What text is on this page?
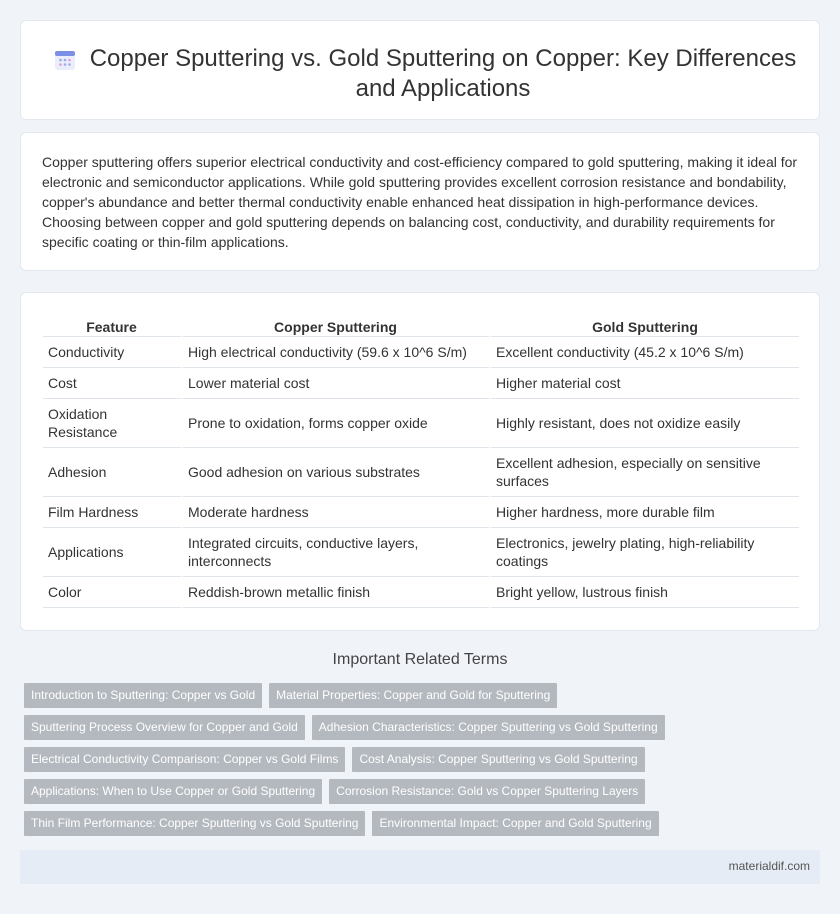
Copper Sputtering vs. Gold Sputtering on Copper: Key Differences and Applications

Copper sputtering offers superior electrical conductivity and cost-efficiency compared to gold sputtering, making it ideal for electronic and semiconductor applications. While gold sputtering provides excellent corrosion resistance and bondability, copper's abundance and better thermal conductivity enable enhanced heat dissipation in high-performance devices. Choosing between copper and gold sputtering depends on balancing cost, conductivity, and durability requirements for specific coating or thin-film applications.

Feature	Copper Sputtering	Gold Sputtering
Conductivity	High electrical conductivity (59.6 x 10^6 S/m)	Excellent conductivity (45.2 x 10^6 S/m)
Cost	Lower material cost	Higher material cost
Oxidation Resistance	Prone to oxidation, forms copper oxide	Highly resistant, does not oxidize easily
Adhesion	Good adhesion on various substrates	Excellent adhesion, especially on sensitive surfaces
Film Hardness	Moderate hardness	Higher hardness, more durable film
Applications	Integrated circuits, conductive layers, interconnects	Electronics, jewelry plating, high-reliability coatings
Color	Reddish-brown metallic finish	Bright yellow, lustrous finish
Important Related Terms
Introduction to Sputtering: Copper vs Gold	Material Properties: Copper and Gold for Sputtering
Sputtering Process Overview for Copper and Gold	Adhesion Characteristics: Copper Sputtering vs Gold Sputtering
Electrical Conductivity Comparison: Copper vs Gold Films	Cost Analysis: Copper Sputtering vs Gold Sputtering
Applications: When to Use Copper or Gold Sputtering	Corrosion Resistance: Gold vs Copper Sputtering Layers
Thin Film Performance: Copper Sputtering vs Gold Sputtering	Environmental Impact: Copper and Gold Sputtering
materialdif.com
